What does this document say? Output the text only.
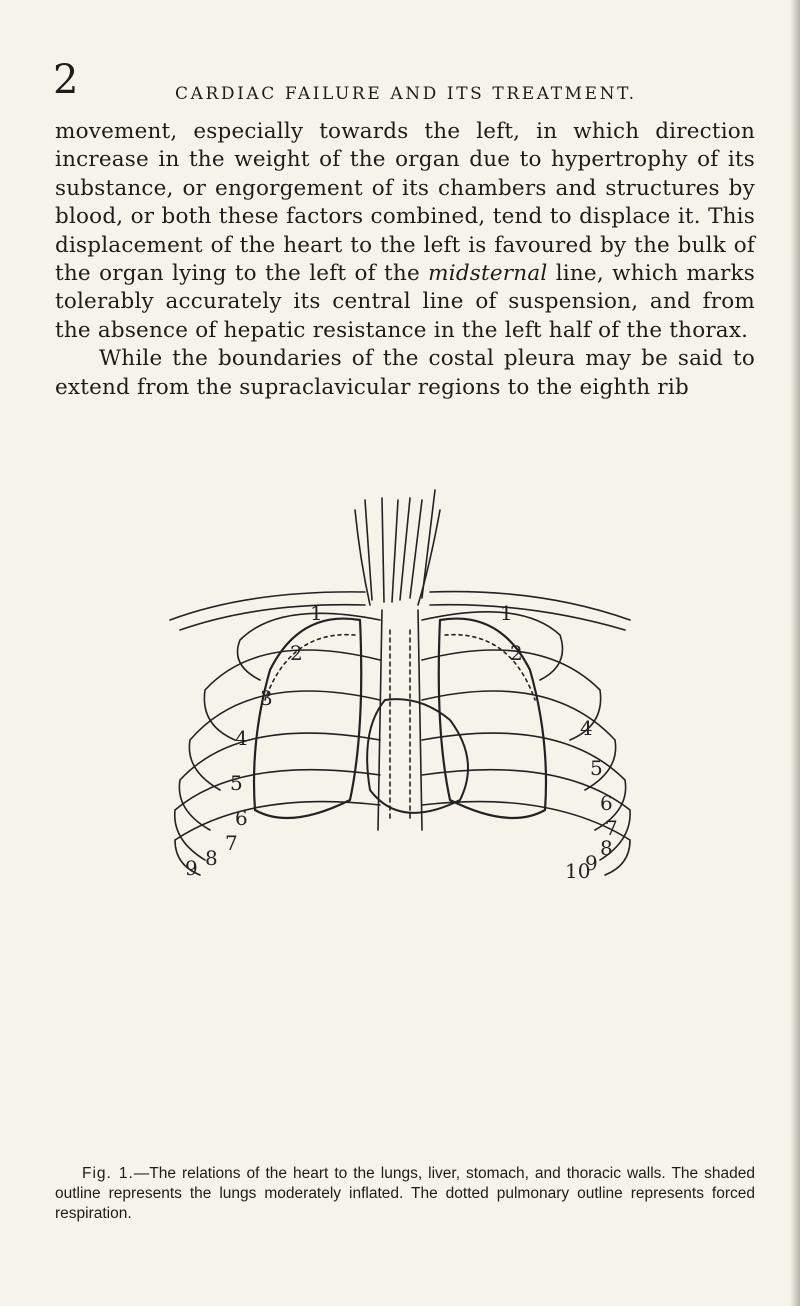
2	CARDIAC FAILURE AND ITS TREATMENT.

movement, especially towards the left, in which direction increase in the weight of the organ due to hypertrophy of its substance, or engorgement of its chambers and structures by blood, or both these factors combined, tend to displace it. This displacement of the heart to the left is favoured by the bulk of the organ lying to the left of the midsternal line, which marks tolerably accurately its central line of suspension, and from the absence of hepatic resistance in the left half of the thorax.

While the boundaries of the costal pleura may be said to extend from the supraclavicular regions to the eighth rib

1
2
3
4
5
6
7
8
9
1
2
4
5
6
7
8
9
10
Fig. 1.—The relations of the heart to the lungs, liver, stomach, and thoracic walls. The shaded outline represents the lungs moderately inflated. The dotted pulmonary outline represents forced respiration.
